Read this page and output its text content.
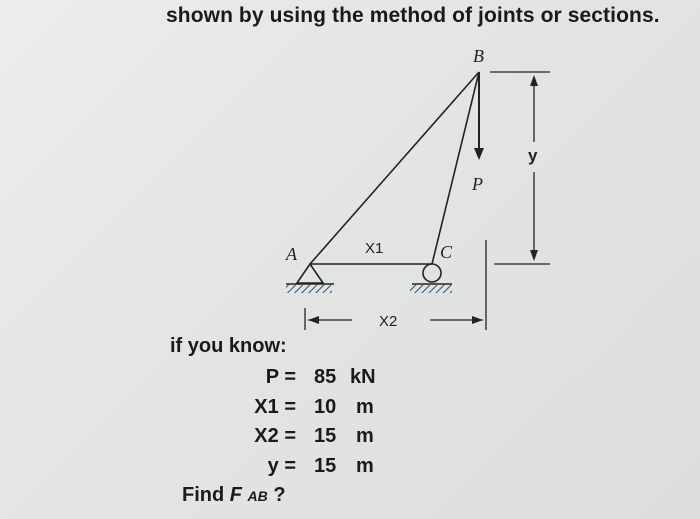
shown by using the method of joints or sections.
B
A	C
P
X1
X2
y
if you know:
P = 85 kN
X1 = 10 m
X2 = 15 m
y = 15 m
Find F AB ?
